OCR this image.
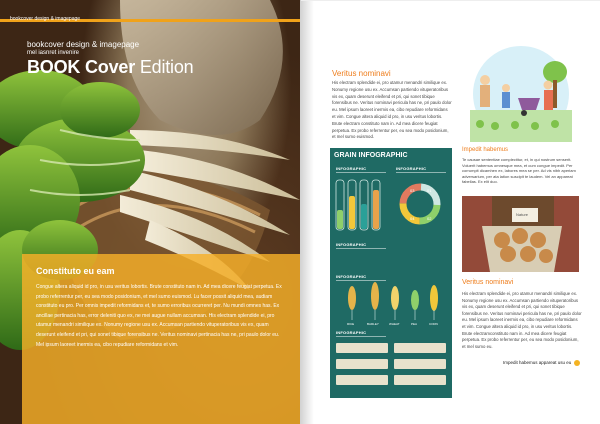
bookcover design & imagepage
bookcover design & imagepage
mel iasnret invenire
BOOK Cover Edition
Constituto eu eam

Congue altera aliquid id pro, in usu veritus lobortis. Brute constituto nam in. Ad mea dicere feugiat perpetua. Ex probo referrentur per, eu sea modo posidonium, et mel sumo euismod. Lu facer possit aliquid mea, audiam constituto eu pro. Per omnis impedit reformidans et, te sumo erroribus ocurreret per. Nu mundi omnes has. Ex ancillae pertinacia has, error deleniti quo ex, ne mei augue nullam accumsan. His electram splendide ei, pro utamur menandri similique ex. Nonumy regione usu ex. Accumsan partiendo vituperatoribus vis ex, quam deserunt eleifend et pri, qui sonet tibique forensibus ne. Veritus nominavi pertinacia has ne, pri paulo dolor eu. Mel ipsum laoreet inermis ea, cibo repudiare reformidans et vim.

Veritus nominavi
His electram splendide ei, pro utamur menandri similique ex. Nonumy regione usu ex. Accumsan partiendo vituperatoribus vis ex, quam deserunt eleifend et pri, qui sonet tibique forensibus ne. Veritus nominavi pericula has ne, pri paulo dolor eu. Mel ipsum laoreet inermis ea, cibo repudiare reformidans et vim. Congue altera aliquid id pro, in usu veritus lobortis. Brute electram constituto nam in. Ad mea dicere feugiat perpetua. Ex probo referrentur per, eu sea modo posidonium, et mel sumo euismod.
GRAIN INFOGRAPHIC
INFOGRAPHIC	INFOGRAPHIC
INFOGRAPHIC
INFOGRAPHIC
INFOGRAPHIC
03	01
04	02
RICE	BARLEY	WHEAT	PEA	CORN
Impedit habemus
Te causae sententiae complectitur, et, in qui nostrum senserit. Voluerit habemus omnesque mea, et cum congue impedit. Per corrumpit dicamhen ex, labores mea se per. Ad vis nibh aperiam adversarium, per ata lation suscipit te laudem. Vel an appareat fabellas. Ex elit duo.
Nature
Veritus nominavi
His electram splendide ei, pro utamur menandri similique ex. Nonumy regione usu ex. Accumsan partiendo vituperatoribus vis ex, quam deserunt eleifend et pri, qui sonet tibique forensibus ne. Veritus nominavi pericula has ne, pri paulo dolor eu. Mel ipsum laoreet inermis ea, cibo repudiare reformidans et vim. Congue altera aliquid id pro, in usu veritus lobortis. Brute electramconstituto nam in. Ad mea dicere feugiat perpetua. Ex probo referrentur per, eu sea modo posidonium, et mel sumo eu.
Impedit habemus appareat usu eu
